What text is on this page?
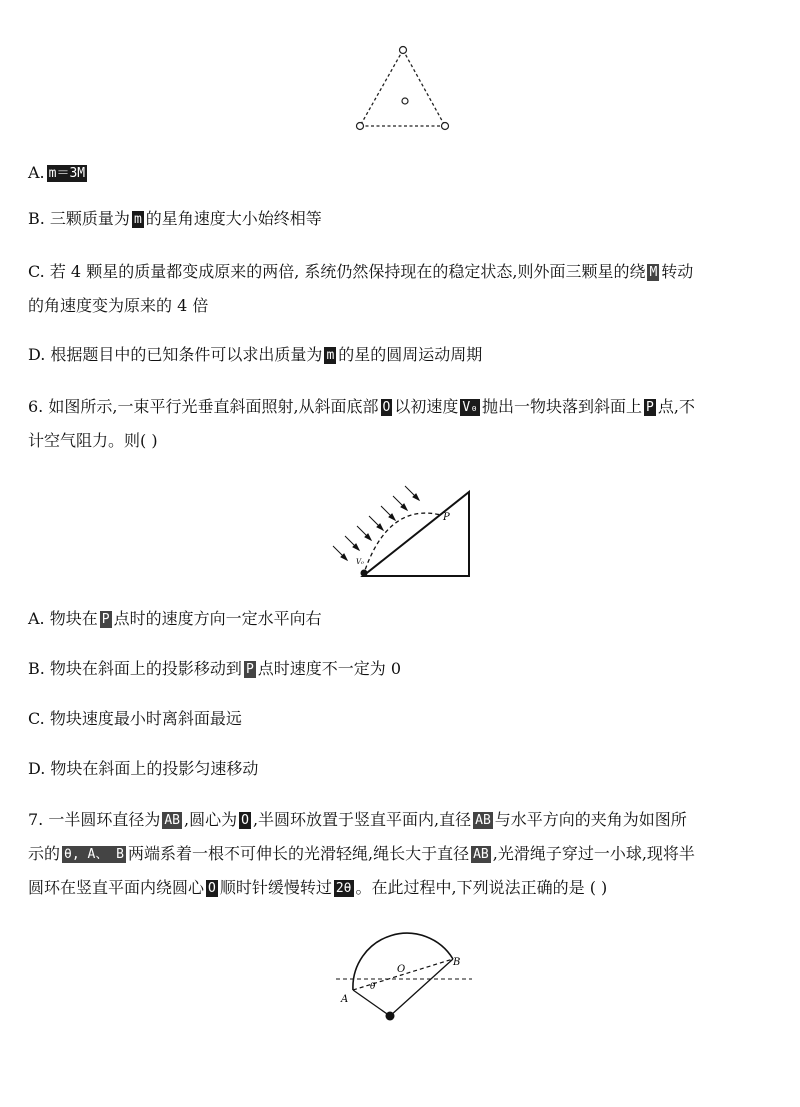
A. m＝3M
B. 三颗质量为 m 的星角速度大小始终相等
C. 若 4 颗星的质量都变成原来的两倍, 系统仍然保持现在的稳定状态,则外面三颗星的绕 M 转动
的角速度变为原来的 4 倍
D. 根据题目中的已知条件可以求出质量为 m 的星的圆周运动周期
6. 如图所示,一束平行光垂直斜面照射,从斜面底部 O 以初速度 V₀ 抛出一物块落到斜面上 P 点,不
计空气阻力。则( )
P
V₀
A. 物块在 P 点时的速度方向一定水平向右
B. 物块在斜面上的投影移动到 P 点时速度不一定为 0
C. 物块速度最小时离斜面最远
D. 物块在斜面上的投影匀速移动
7. 一半圆环直径为 AB ,圆心为 O ,半圆环放置于竖直平面内,直径 AB 与水平方向的夹角为如图所
示的 θ, A、 B 两端系着一根不可伸长的光滑轻绳,绳长大于直径 AB ,光滑绳子穿过一小球,现将半
圆环在竖直平面内绕圆心 O 顺时针缓慢转过 2θ 。在此过程中,下列说法正确的是 ( )
A
B
O
θ
